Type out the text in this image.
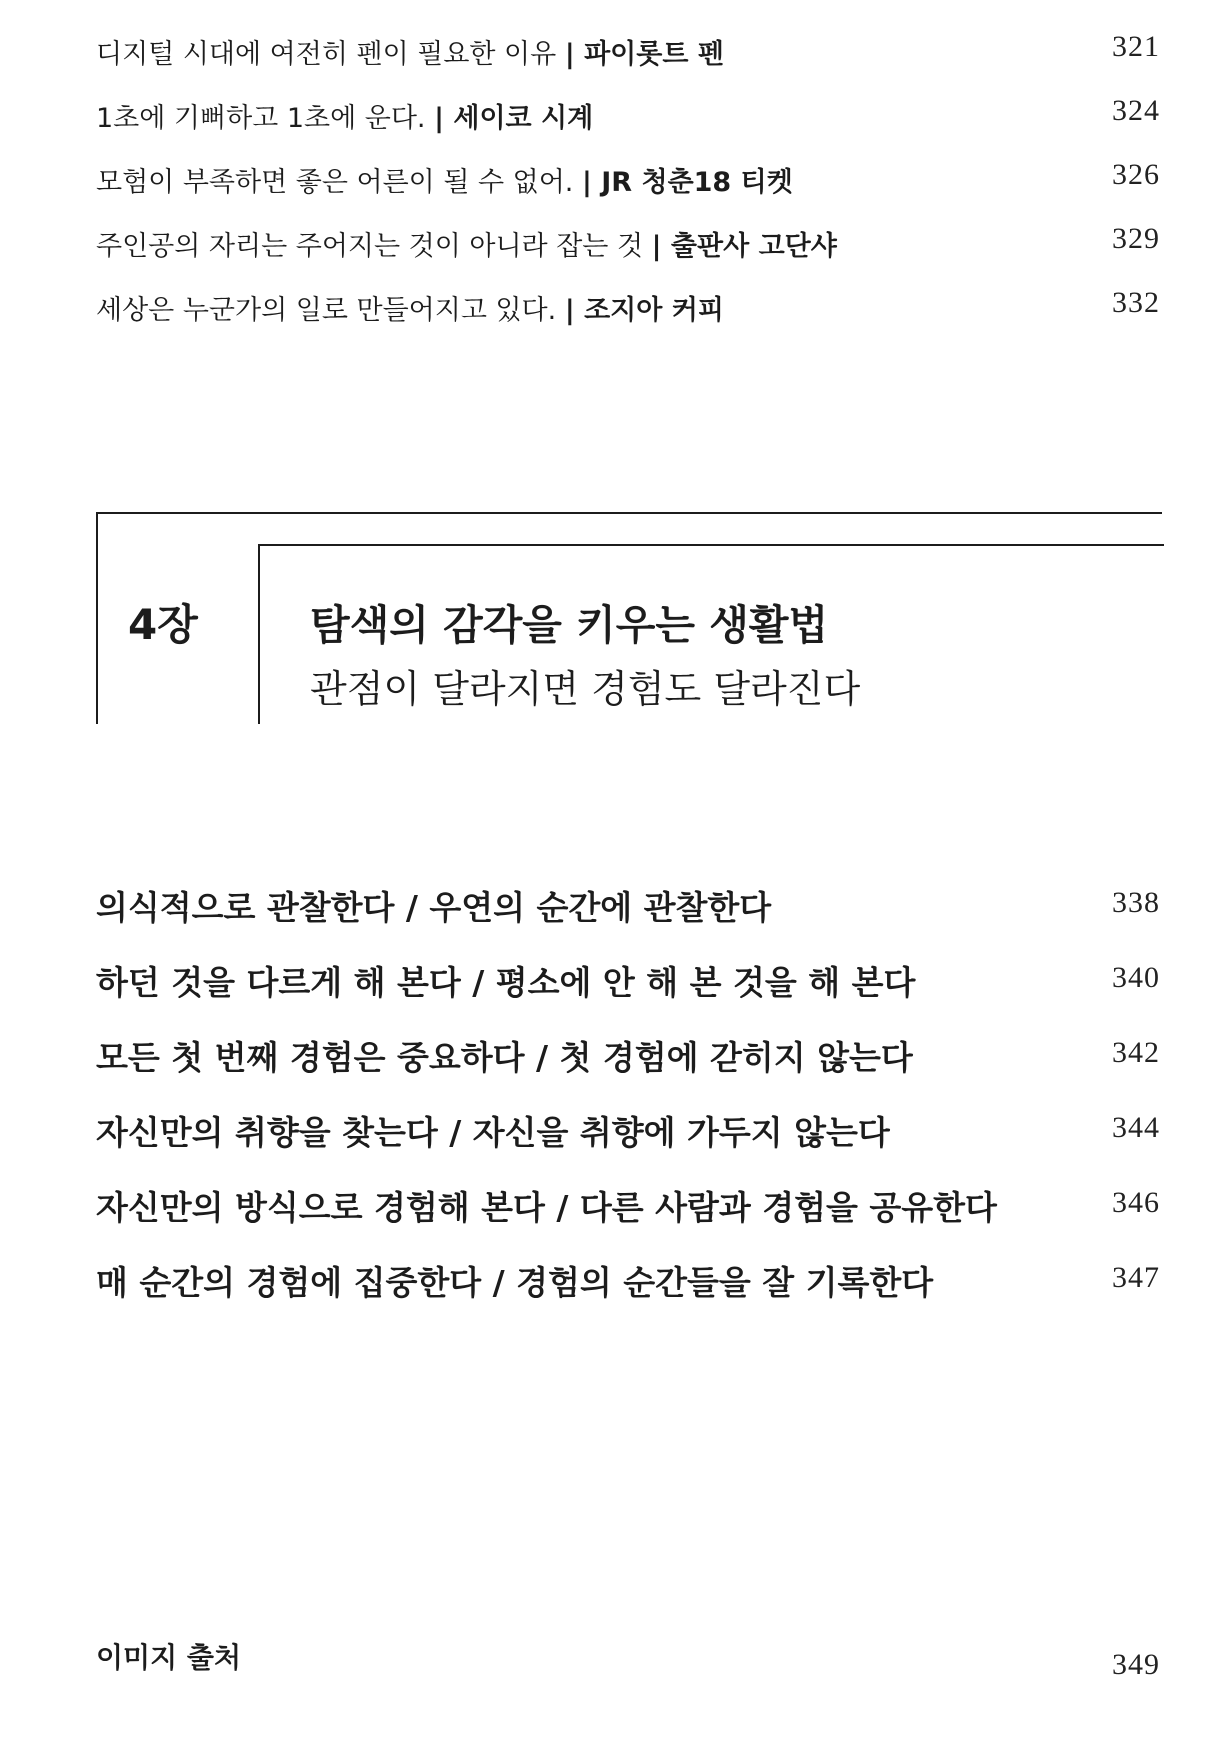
디지털 시대에 여전히 펜이 필요한 이유 | 파이롯트 펜	321
1초에 기뻐하고 1초에 운다. | 세이코 시계	324
모험이 부족하면 좋은 어른이 될 수 없어. | JR 청춘18 티켓	326
주인공의 자리는 주어지는 것이 아니라 잡는 것 | 출판사 고단샤	329
세상은 누군가의 일로 만들어지고 있다. | 조지아 커피	332
4장	탐색의 감각을 키우는 생활법
관점이 달라지면 경험도 달라진다
의식적으로 관찰한다 / 우연의 순간에 관찰한다	338
하던 것을 다르게 해 본다 / 평소에 안 해 본 것을 해 본다	340
모든 첫 번째 경험은 중요하다 / 첫 경험에 갇히지 않는다	342
자신만의 취향을 찾는다 / 자신을 취향에 가두지 않는다	344
자신만의 방식으로 경험해 본다 / 다른 사람과 경험을 공유한다	346
매 순간의 경험에 집중한다 / 경험의 순간들을 잘 기록한다	347
이미지 출처	349
